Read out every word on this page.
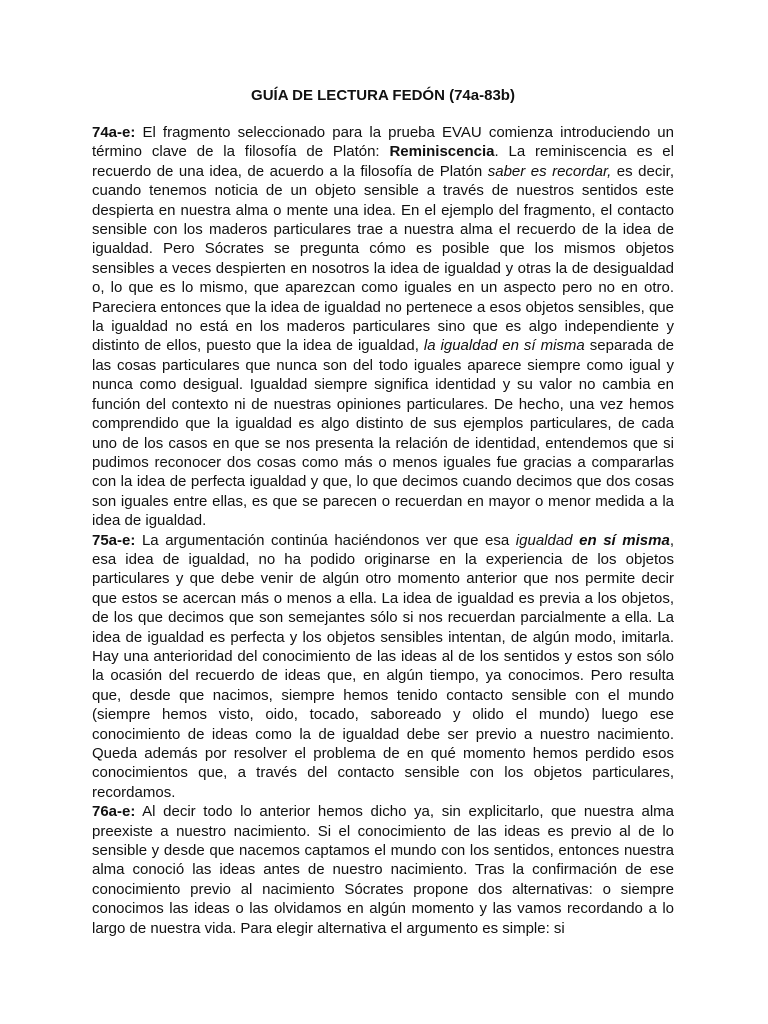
GUÍA DE LECTURA FEDÓN (74a-83b)

74a-e: El fragmento seleccionado para la prueba EVAU comienza introduciendo un término clave de la filosofía de Platón: Reminiscencia. La reminiscencia es el recuerdo de una idea, de acuerdo a la filosofía de Platón saber es recordar, es decir, cuando tenemos noticia de un objeto sensible a través de nuestros sentidos este despierta en nuestra alma o mente una idea. En el ejemplo del fragmento, el contacto sensible con los maderos particulares trae a nuestra alma el recuerdo de la idea de igualdad. Pero Sócrates se pregunta cómo es posible que los mismos objetos sensibles a veces despierten en nosotros la idea de igualdad y otras la de desigualdad o, lo que es lo mismo, que aparezcan como iguales en un aspecto pero no en otro. Pareciera entonces que la idea de igualdad no pertenece a esos objetos sensibles, que la igualdad no está en los maderos particulares sino que es algo independiente y distinto de ellos, puesto que la idea de igualdad, la igualdad en sí misma separada de las cosas particulares que nunca son del todo iguales aparece siempre como igual y nunca como desigual. Igualdad siempre significa identidad y su valor no cambia en función del contexto ni de nuestras opiniones particulares. De hecho, una vez hemos comprendido que la igualdad es algo distinto de sus ejemplos particulares, de cada uno de los casos en que se nos presenta la relación de identidad, entendemos que si pudimos reconocer dos cosas como más o menos iguales fue gracias a compararlas con la idea de perfecta igualdad y que, lo que decimos cuando decimos que dos cosas son iguales entre ellas, es que se parecen o recuerdan en mayor o menor medida a la idea de igualdad.

75a-e: La argumentación continúa haciéndonos ver que esa igualdad en sí misma, esa idea de igualdad, no ha podido originarse en la experiencia de los objetos particulares y que debe venir de algún otro momento anterior que nos permite decir que estos se acercan más o menos a ella. La idea de igualdad es previa a los objetos, de los que decimos que son semejantes sólo si nos recuerdan parcialmente a ella. La idea de igualdad es perfecta y los objetos sensibles intentan, de algún modo, imitarla. Hay una anterioridad del conocimiento de las ideas al de los sentidos y estos son sólo la ocasión del recuerdo de ideas que, en algún tiempo, ya conocimos. Pero resulta que, desde que nacimos, siempre hemos tenido contacto sensible con el mundo (siempre hemos visto, oido, tocado, saboreado y olido el mundo) luego ese conocimiento de ideas como la de igualdad debe ser previo a nuestro nacimiento. Queda además por resolver el problema de en qué momento hemos perdido esos conocimientos que, a través del contacto sensible con los objetos particulares, recordamos.

76a-e: Al decir todo lo anterior hemos dicho ya, sin explicitarlo, que nuestra alma preexiste a nuestro nacimiento. Si el conocimiento de las ideas es previo al de lo sensible y desde que nacemos captamos el mundo con los sentidos, entonces nuestra alma conoció las ideas antes de nuestro nacimiento. Tras la confirmación de ese conocimiento previo al nacimiento Sócrates propone dos alternativas: o siempre conocimos las ideas o las olvidamos en algún momento y las vamos recordando a lo largo de nuestra vida. Para elegir alternativa el argumento es simple: si
